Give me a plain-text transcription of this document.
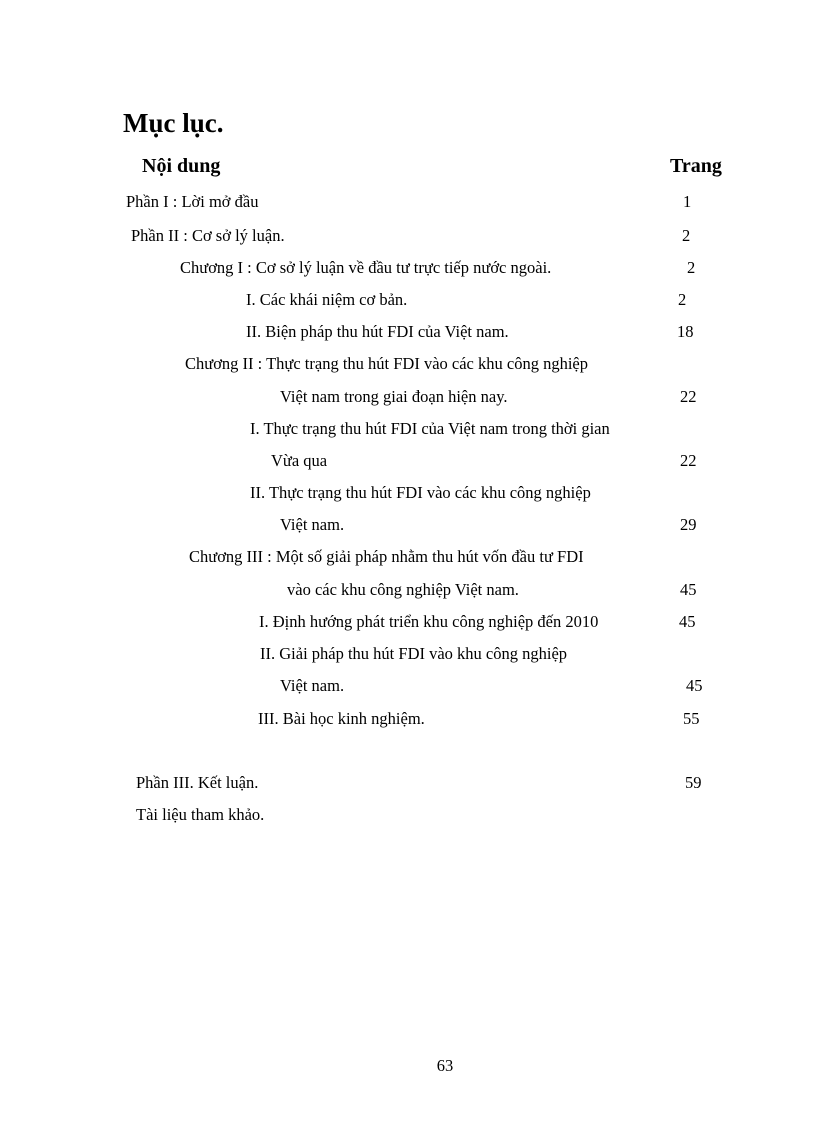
Mục lục.
Nội dung	Trang
Phần I : Lời mở đầu	1
Phần II : Cơ sở lý luận.	2
Chương I : Cơ sở lý luận về đầu tư trực tiếp nước ngoài.	2
I. Các khái niệm cơ bản.	2
II. Biện pháp thu hút FDI của Việt nam.	18
Chương II : Thực trạng thu hút FDI vào các khu công nghiệp
Việt nam trong giai đoạn hiện nay.	22
I. Thực trạng thu hút FDI của Việt nam trong thời gian
Vừa qua	22
II. Thực trạng thu hút FDI vào các khu công nghiệp
Việt nam.	29
Chương III : Một số giải pháp nhằm thu hút vốn đầu tư FDI
vào các khu công nghiệp Việt nam.	45
I. Định hướng phát triển khu công nghiệp đến 2010	45
II. Giải pháp thu hút FDI vào khu công nghiệp
Việt nam.	45
III. Bài học kinh nghiệm.	55
Phần III. Kết luận.	59
Tài liệu tham khảo.
63
